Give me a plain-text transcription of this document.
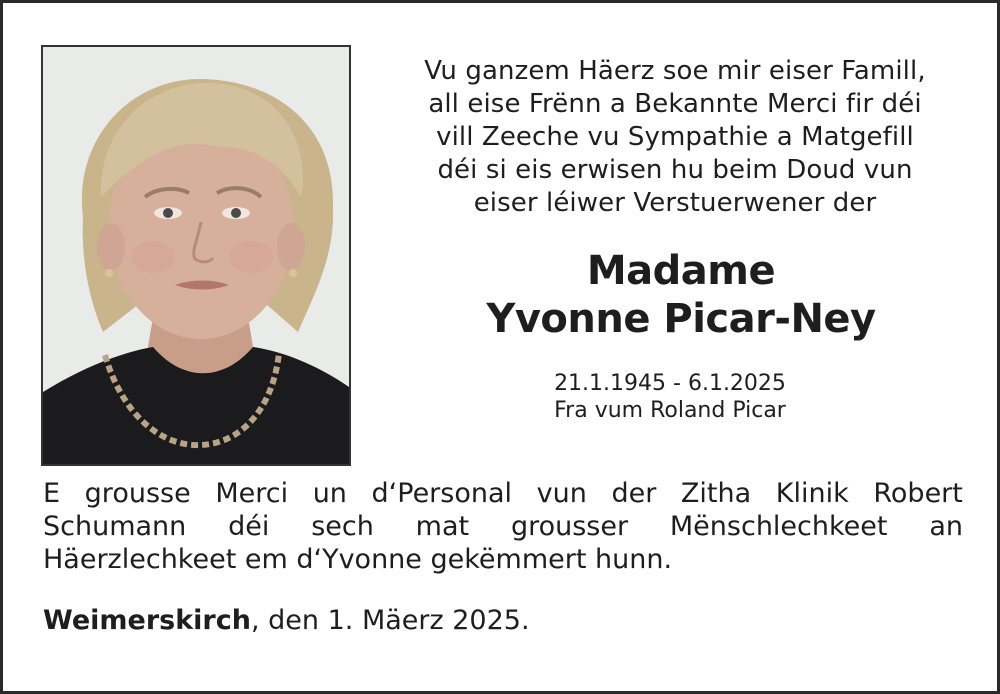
Vu ganzem Häerz soe mir eiser Famill,
all eise Frënn a Bekannte Merci fir déi
vill Zeeche vu Sympathie a Matgefill
déi si eis erwisen hu beim Doud vun
eiser léiwer Verstuerwener der
Madame
Yvonne Picar-Ney
21.1.1945 - 6.1.2025
Fra vum Roland Picar
E grousse Merci un d‘Personal vun der Zitha Klinik Robert
Schumann déi sech mat grousser Mënschlechkeet an
Häerzlechkeet em d‘Yvonne gekëmmert hunn.
Weimerskirch, den 1. Mäerz 2025.
